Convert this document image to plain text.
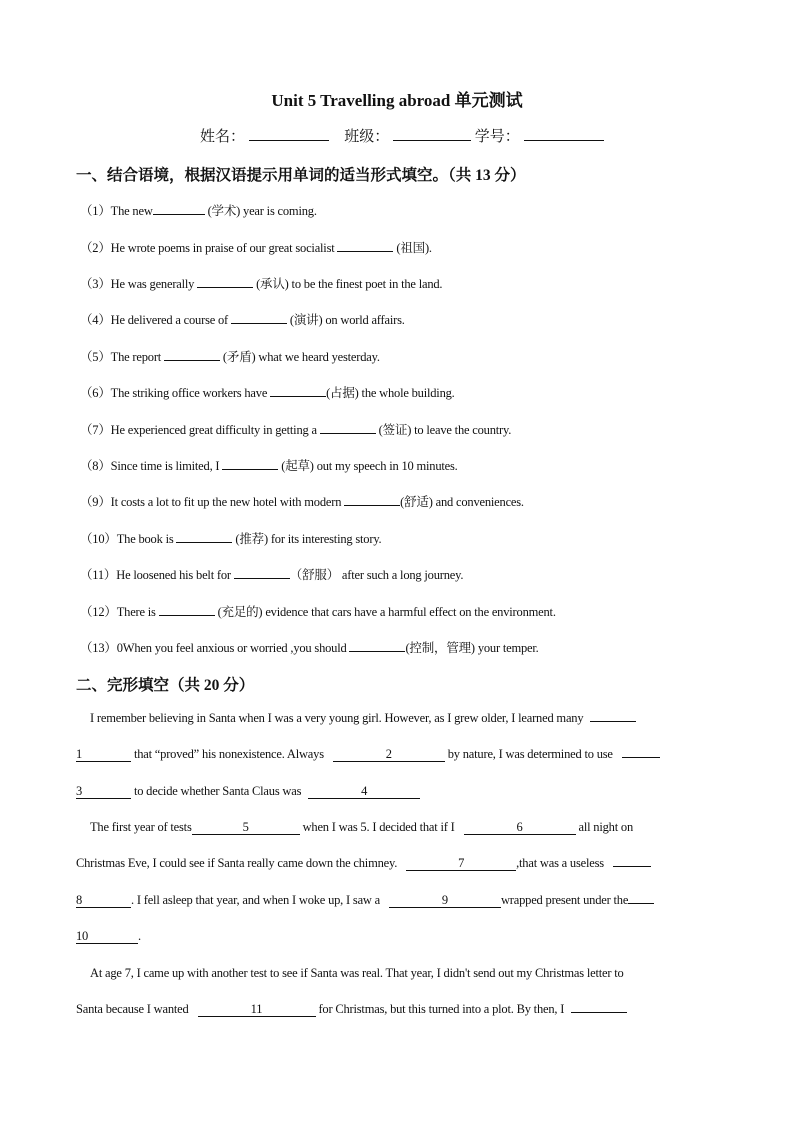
Unit 5 Travelling abroad 单元测试
姓名：	班级：	学号：
一、结合语境，根据汉语提示用单词的适当形式填空。（共 13 分）
（1）The new	(学术) year is coming.
（2）He wrote poems in praise of our great socialist	(祖国).
（3）He was generally	(承认) to be the finest poet in the land.
（4）He delivered a course of	(演讲) on world affairs.
（5）The report	(矛盾) what we heard yesterday.
（6）The striking office workers have	(占据) the whole building.
（7）He experienced great difficulty in getting a	(签证) to leave the country.
（8）Since time is limited, I	(起草) out my speech in 10 minutes.
（9）It costs a lot to fit up the new hotel with modern	(舒适) and conveniences.
（10）The book is	(推荐) for its interesting story.
（11）He loosened his belt for	（舒服） after such a long journey.
（12）There is	(充足的) evidence that cars have a harmful effect on the environment.
（13）0When you feel anxious or worried ,you should	(控制，管理) your temper.
二、完形填空（共 20 分）
I remember believing in Santa when I was a very young girl. However, as I grew older, I learned many
1	that “proved” his nonexistence. Always	2	by nature, I was determined to use
3	to decide whether Santa Claus was	4
The first year of tests	5	when I was 5. I decided that if I	6	all night on
Christmas Eve, I could see if Santa really came down the chimney.	7	,that was a useless
8	. I fell asleep that year, and when I woke up, I saw a	9	wrapped present under the
10	.
At age 7, I came up with another test to see if Santa was real. That year, I didn't send out my Christmas letter to
Santa because I wanted	11	for Christmas, but this turned into a plot. By then, I
